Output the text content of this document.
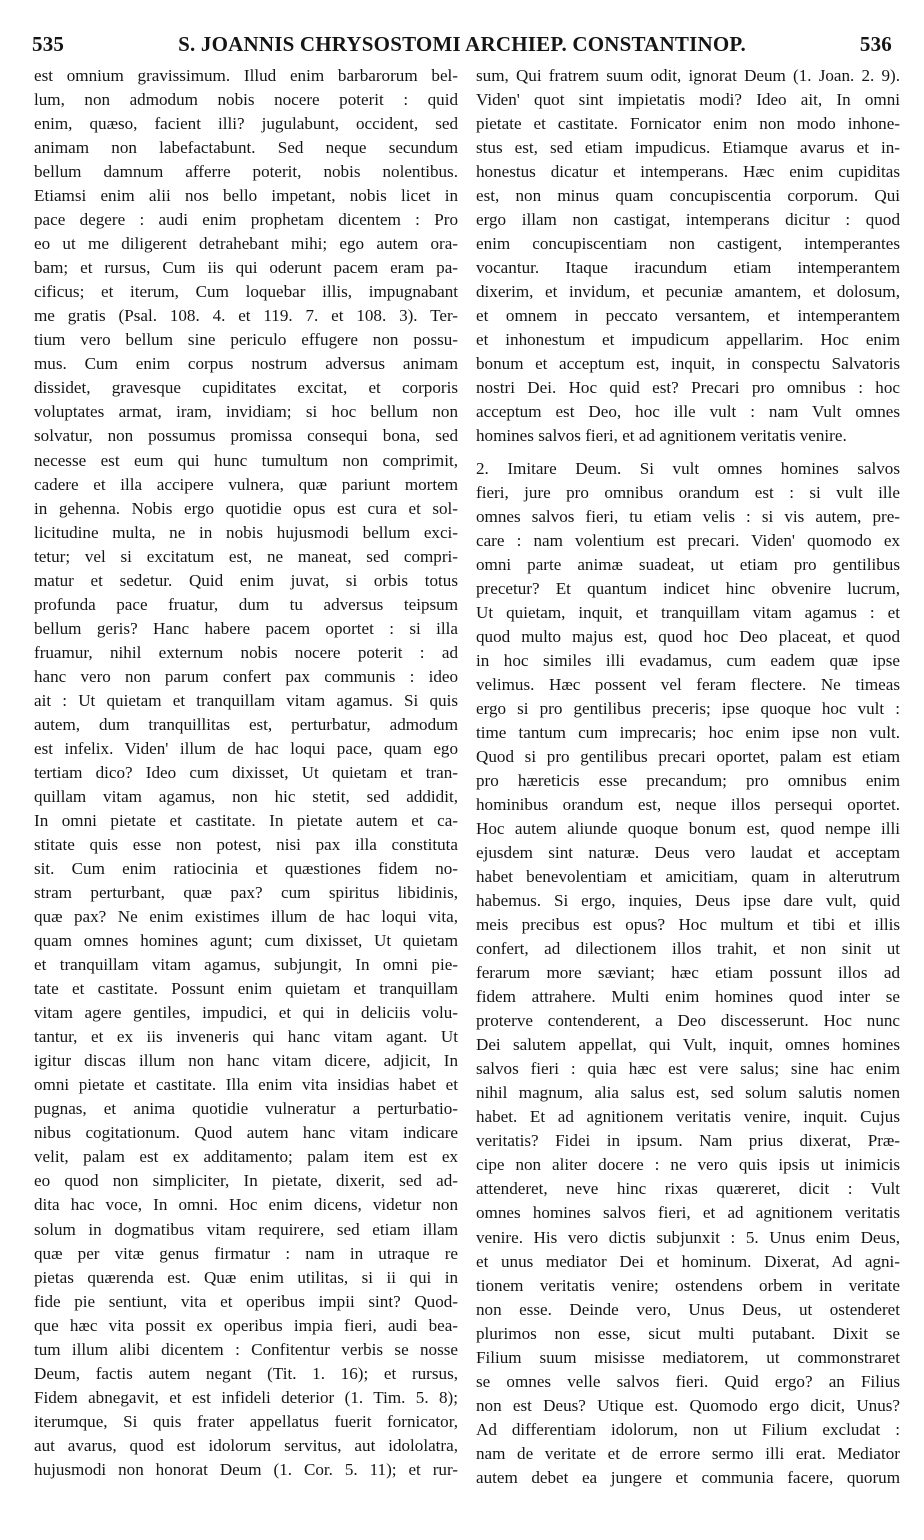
535	S. JOANNIS CHRYSOSTOMI ARCHIEP. CONSTANTINOP.	536
est omnium gravissimum. Illud enim barbarorum bel-
lum, non admodum nobis nocere poterit : quid
enim, quæso, facient illi? jugulabunt, occident, sed
animam non labefactabunt. Sed neque secundum
bellum damnum afferre poterit, nobis nolentibus.
Etiamsi enim alii nos bello impetant, nobis licet in
pace degere : audi enim prophetam dicentem : Pro
eo ut me diligerent detrahebant mihi; ego autem ora-
bam; et rursus, Cum iis qui oderunt pacem eram pa-
cificus; et iterum, Cum loquebar illis, impugnabant
me gratis (Psal. 108. 4. et 119. 7. et 108. 3). Ter-
tium vero bellum sine periculo effugere non possu-
mus. Cum enim corpus nostrum adversus animam
dissidet, gravesque cupiditates excitat, et corporis
voluptates armat, iram, invidiam; si hoc bellum non
solvatur, non possumus promissa consequi bona, sed
necesse est eum qui hunc tumultum non comprimit,
cadere et illa accipere vulnera, quæ pariunt mortem
in gehenna. Nobis ergo quotidie opus est cura et sol-
licitudine multa, ne in nobis hujusmodi bellum exci-
tetur; vel si excitatum est, ne maneat, sed compri-
matur et sedetur. Quid enim juvat, si orbis totus
profunda pace fruatur, dum tu adversus teipsum
bellum geris? Hanc habere pacem oportet : si illa
fruamur, nihil externum nobis nocere poterit : ad
hanc vero non parum confert pax communis : ideo
ait : Ut quietam et tranquillam vitam agamus. Si quis
autem, dum tranquillitas est, perturbatur, admodum
est infelix. Viden' illum de hac loqui pace, quam ego
tertiam dico? Ideo cum dixisset, Ut quietam et tran-
quillam vitam agamus, non hic stetit, sed addidit,
In omni pietate et castitate. In pietate autem et ca-
stitate quis esse non potest, nisi pax illa constituta
sit. Cum enim ratiocinia et quæstiones fidem no-
stram perturbant, quæ pax? cum spiritus libidinis,
quæ pax? Ne enim existimes illum de hac loqui vita,
quam omnes homines agunt; cum dixisset, Ut quietam
et tranquillam vitam agamus, subjungit, In omni pie-
tate et castitate. Possunt enim quietam et tranquillam
vitam agere gentiles, impudici, et qui in deliciis volu-
tantur, et ex iis inveneris qui hanc vitam agant. Ut
igitur discas illum non hanc vitam dicere, adjicit, In
omni pietate et castitate. Illa enim vita insidias habet et
pugnas, et anima quotidie vulneratur a perturbatio-
nibus cogitationum. Quod autem hanc vitam indicare
velit, palam est ex additamento; palam item est ex
eo quod non simpliciter, In pietate, dixerit, sed ad-
dita hac voce, In omni. Hoc enim dicens, videtur non
solum in dogmatibus vitam requirere, sed etiam illam
quæ per vitæ genus firmatur : nam in utraque re
pietas quærenda est. Quæ enim utilitas, si ii qui in
fide pie sentiunt, vita et operibus impii sint? Quod-
que hæc vita possit ex operibus impia fieri, audi bea-
tum illum alibi dicentem : Confitentur verbis se nosse
Deum, factis autem negant (Tit. 1. 16); et rursus,
Fidem abnegavit, et est infideli deterior (1. Tim. 5. 8);
iterumque, Si quis frater appellatus fuerit fornicator,
aut avarus, quod est idolorum servitus, aut idololatra,
hujusmodi non honorat Deum (1. Cor. 5. 11); et rur-
sum, Qui fratrem suum odit, ignorat Deum (1. Joan. 2. 9).
Viden' quot sint impietatis modi? Ideo ait, In omni
pietate et castitate. Fornicator enim non modo inhone-
stus est, sed etiam impudicus. Etiamque avarus et in-
honestus dicatur et intemperans. Hæc enim cupiditas
est, non minus quam concupiscentia corporum. Qui
ergo illam non castigat, intemperans dicitur : quod
enim concupiscentiam non castigent, intemperantes
vocantur. Itaque iracundum etiam intemperantem
dixerim, et invidum, et pecuniæ amantem, et dolosum,
et omnem in peccato versantem, et intemperantem
et inhonestum et impudicum appellarim. Hoc enim
bonum et acceptum est, inquit, in conspectu Salvatoris
nostri Dei. Hoc quid est? Precari pro omnibus : hoc
acceptum est Deo, hoc ille vult : nam Vult omnes
homines salvos fieri, et ad agnitionem veritatis venire.
2. Imitare Deum. Si vult omnes homines salvos
fieri, jure pro omnibus orandum est : si vult ille
omnes salvos fieri, tu etiam velis : si vis autem, pre-
care : nam volentium est precari. Viden' quomodo ex
omni parte animæ suadeat, ut etiam pro gentilibus
precetur? Et quantum indicet hinc obvenire lucrum,
Ut quietam, inquit, et tranquillam vitam agamus : et
quod multo majus est, quod hoc Deo placeat, et quod
in hoc similes illi evadamus, cum eadem quæ ipse
velimus. Hæc possent vel feram flectere. Ne timeas
ergo si pro gentilibus preceris; ipse quoque hoc vult :
time tantum cum imprecaris; hoc enim ipse non vult.
Quod si pro gentilibus precari oportet, palam est etiam
pro hæreticis esse precandum; pro omnibus enim
hominibus orandum est, neque illos persequi oportet.
Hoc autem aliunde quoque bonum est, quod nempe illi
ejusdem sint naturæ. Deus vero laudat et acceptam
habet benevolentiam et amicitiam, quam in alterutrum
habemus. Si ergo, inquies, Deus ipse dare vult, quid
meis precibus est opus? Hoc multum et tibi et illis
confert, ad dilectionem illos trahit, et non sinit ut
ferarum more sæviant; hæc etiam possunt illos ad
fidem attrahere. Multi enim homines quod inter se
proterve contenderent, a Deo discesserunt. Hoc nunc
Dei salutem appellat, qui Vult, inquit, omnes homines
salvos fieri : quia hæc est vere salus; sine hac enim
nihil magnum, alia salus est, sed solum salutis nomen
habet. Et ad agnitionem veritatis venire, inquit. Cujus
veritatis? Fidei in ipsum. Nam prius dixerat, Præ-
cipe non aliter docere : ne vero quis ipsis ut inimicis
attenderet, neve hinc rixas quæreret, dicit : Vult
omnes homines salvos fieri, et ad agnitionem veritatis
venire. His vero dictis subjunxit : 5. Unus enim Deus,
et unus mediator Dei et hominum. Dixerat, Ad agni-
tionem veritatis venire; ostendens orbem in veritate
non esse. Deinde vero, Unus Deus, ut ostenderet
plurimos non esse, sicut multi putabant. Dixit se
Filium suum misisse mediatorem, ut commonstraret
se omnes velle salvos fieri. Quid ergo? an Filius
non est Deus? Utique est. Quomodo ergo dicit, Unus?
Ad differentiam idolorum, non ut Filium excludat :
nam de veritate et de errore sermo illi erat. Mediator
autem debet ea jungere et communia facere, quorum
